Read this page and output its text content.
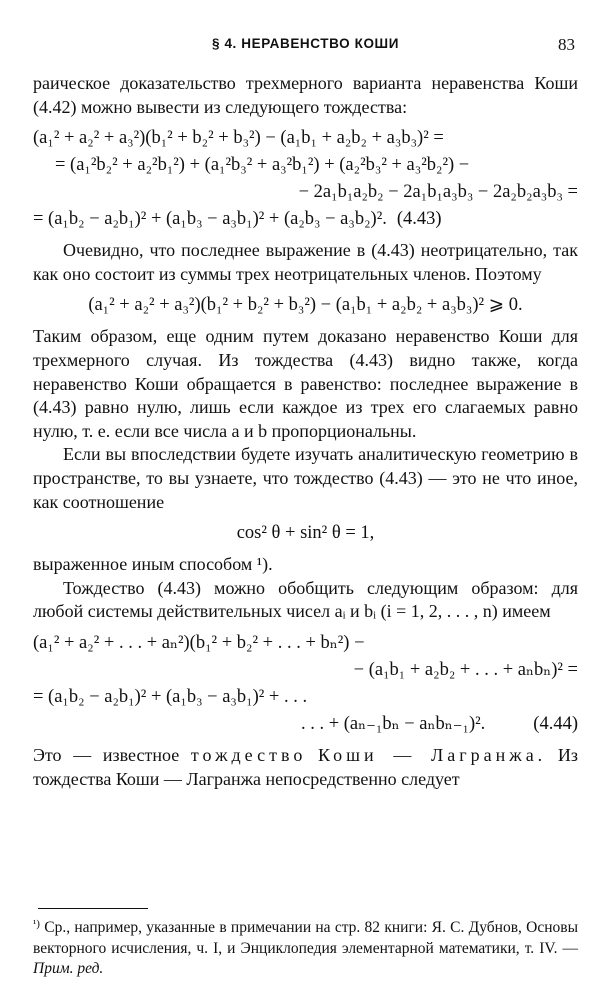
§ 4. НЕРАВЕНСТВО КОШИ	83

раическое доказательство трехмерного варианта неравенства Коши (4.42) можно вывести из следующего тождества:

(a₁² + a₂² + a₃²)(b₁² + b₂² + b₃²) − (a₁b₁ + a₂b₂ + a₃b₃)² =
= (a₁²b₂² + a₂²b₁²) + (a₁²b₃² + a₃²b₁²) + (a₂²b₃² + a₃²b₂²) −
− 2a₁b₁a₂b₂ − 2a₁b₁a₃b₃ − 2a₂b₂a₃b₃ =
= (a₁b₂ − a₂b₁)² + (a₁b₃ − a₃b₁)² + (a₂b₃ − a₃b₂)². (4.43)

Очевидно, что последнее выражение в (4.43) неотрицательно, так как оно состоит из суммы трех неотрицательных членов. Поэтому

(a₁² + a₂² + a₃²)(b₁² + b₂² + b₃²) − (a₁b₁ + a₂b₂ + a₃b₃)² ⩾ 0.

Таким образом, еще одним путем доказано неравенство Коши для трехмерного случая. Из тождества (4.43) видно также, когда неравенство Коши обращается в равенство: последнее выражение в (4.43) равно нулю, лишь если каждое из трех его слагаемых равно нулю, т. е. если все числа a и b пропорциональны.

Если вы впоследствии будете изучать аналитическую геометрию в пространстве, то вы узнаете, что тождество (4.43) — это не что иное, как соотношение

cos² θ + sin² θ = 1,

выраженное иным способом ¹).

Тождество (4.43) можно обобщить следующим образом: для любой системы действительных чисел aᵢ и bᵢ (i = 1, 2, . . . , n) имеем

(a₁² + a₂² + . . . + aₙ²)(b₁² + b₂² + . . . + bₙ²) −
− (a₁b₁ + a₂b₂ + . . . + aₙbₙ)² =
= (a₁b₂ − a₂b₁)² + (a₁b₃ − a₃b₁)² + . . .
. . . + (aₙ₋₁bₙ − aₙbₙ₋₁)².	(4.44)

Это — известное тождество Коши — Лагранжа. Из тождества Коши — Лагранжа непосредственно следует

$^{^1)}$ Ср., например, указанные в примечании на стр. 82 книги: Я. С. Дубнов, Основы векторного исчисления, ч. I, и Энциклопедия элементарной математики, т. IV. — Прим. ред.
